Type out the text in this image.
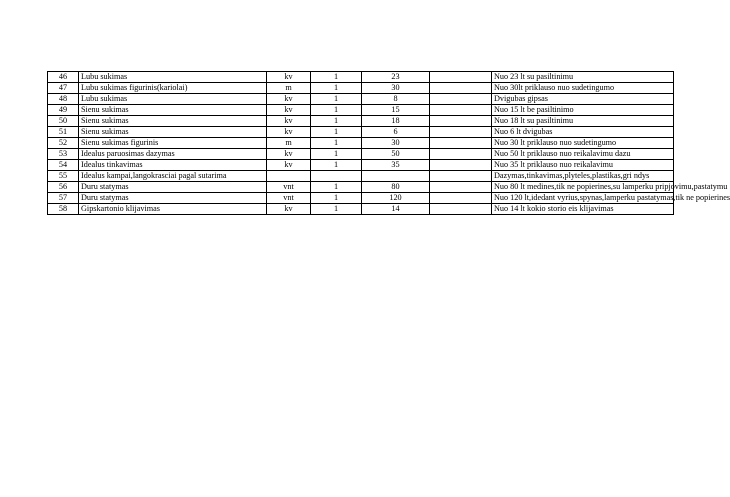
46	Lubu sukimas	kv	1	23		Nuo 23 lt su pasiltinimu
47	Lubu sukimas figurinis(kariolai)	m	1	30		Nuo 30lt priklauso nuo sudetingumo
48	Lubu sukimas	kv	1	8		Dvigubas gipsas
49	Sienu sukimas	kv	1	15		Nuo 15 lt be pasiltinimo
50	Sienu sukimas	kv	1	18		Nuo 18 lt su pasiltinimu
51	Sienu sukimas	kv	1	6		Nuo 6 lt dvigubas
52	Sienu sukimas figurinis	m	1	30		Nuo 30 lt priklauso nuo sudetingumo
53	Idealus paruosimas dazymas	kv	1	50		Nuo 50 lt priklauso nuo reikalavimu dazu
54	Idealus tinkavimas	kv	1	35		Nuo 35 lt priklauso nuo reikalavimu
55	Idealus kampai,langokrasciai pagal sutarima					Dazymas,tinkavimas,plyteles,plastikas,gri ndys
56	Duru statymas	vnt	1	80		Nuo 80 lt medines,tik ne popierines,su lamperku pripjovimu,pastatymu
57	Duru statymas	vnt	1	120		Nuo 120 lt,idedant vyrius,spynas,lamperku pastatymas,tik ne popierines
58	Gipskartonio klijavimas	kv	1	14		Nuo 14 lt kokio storio eis klijavimas
